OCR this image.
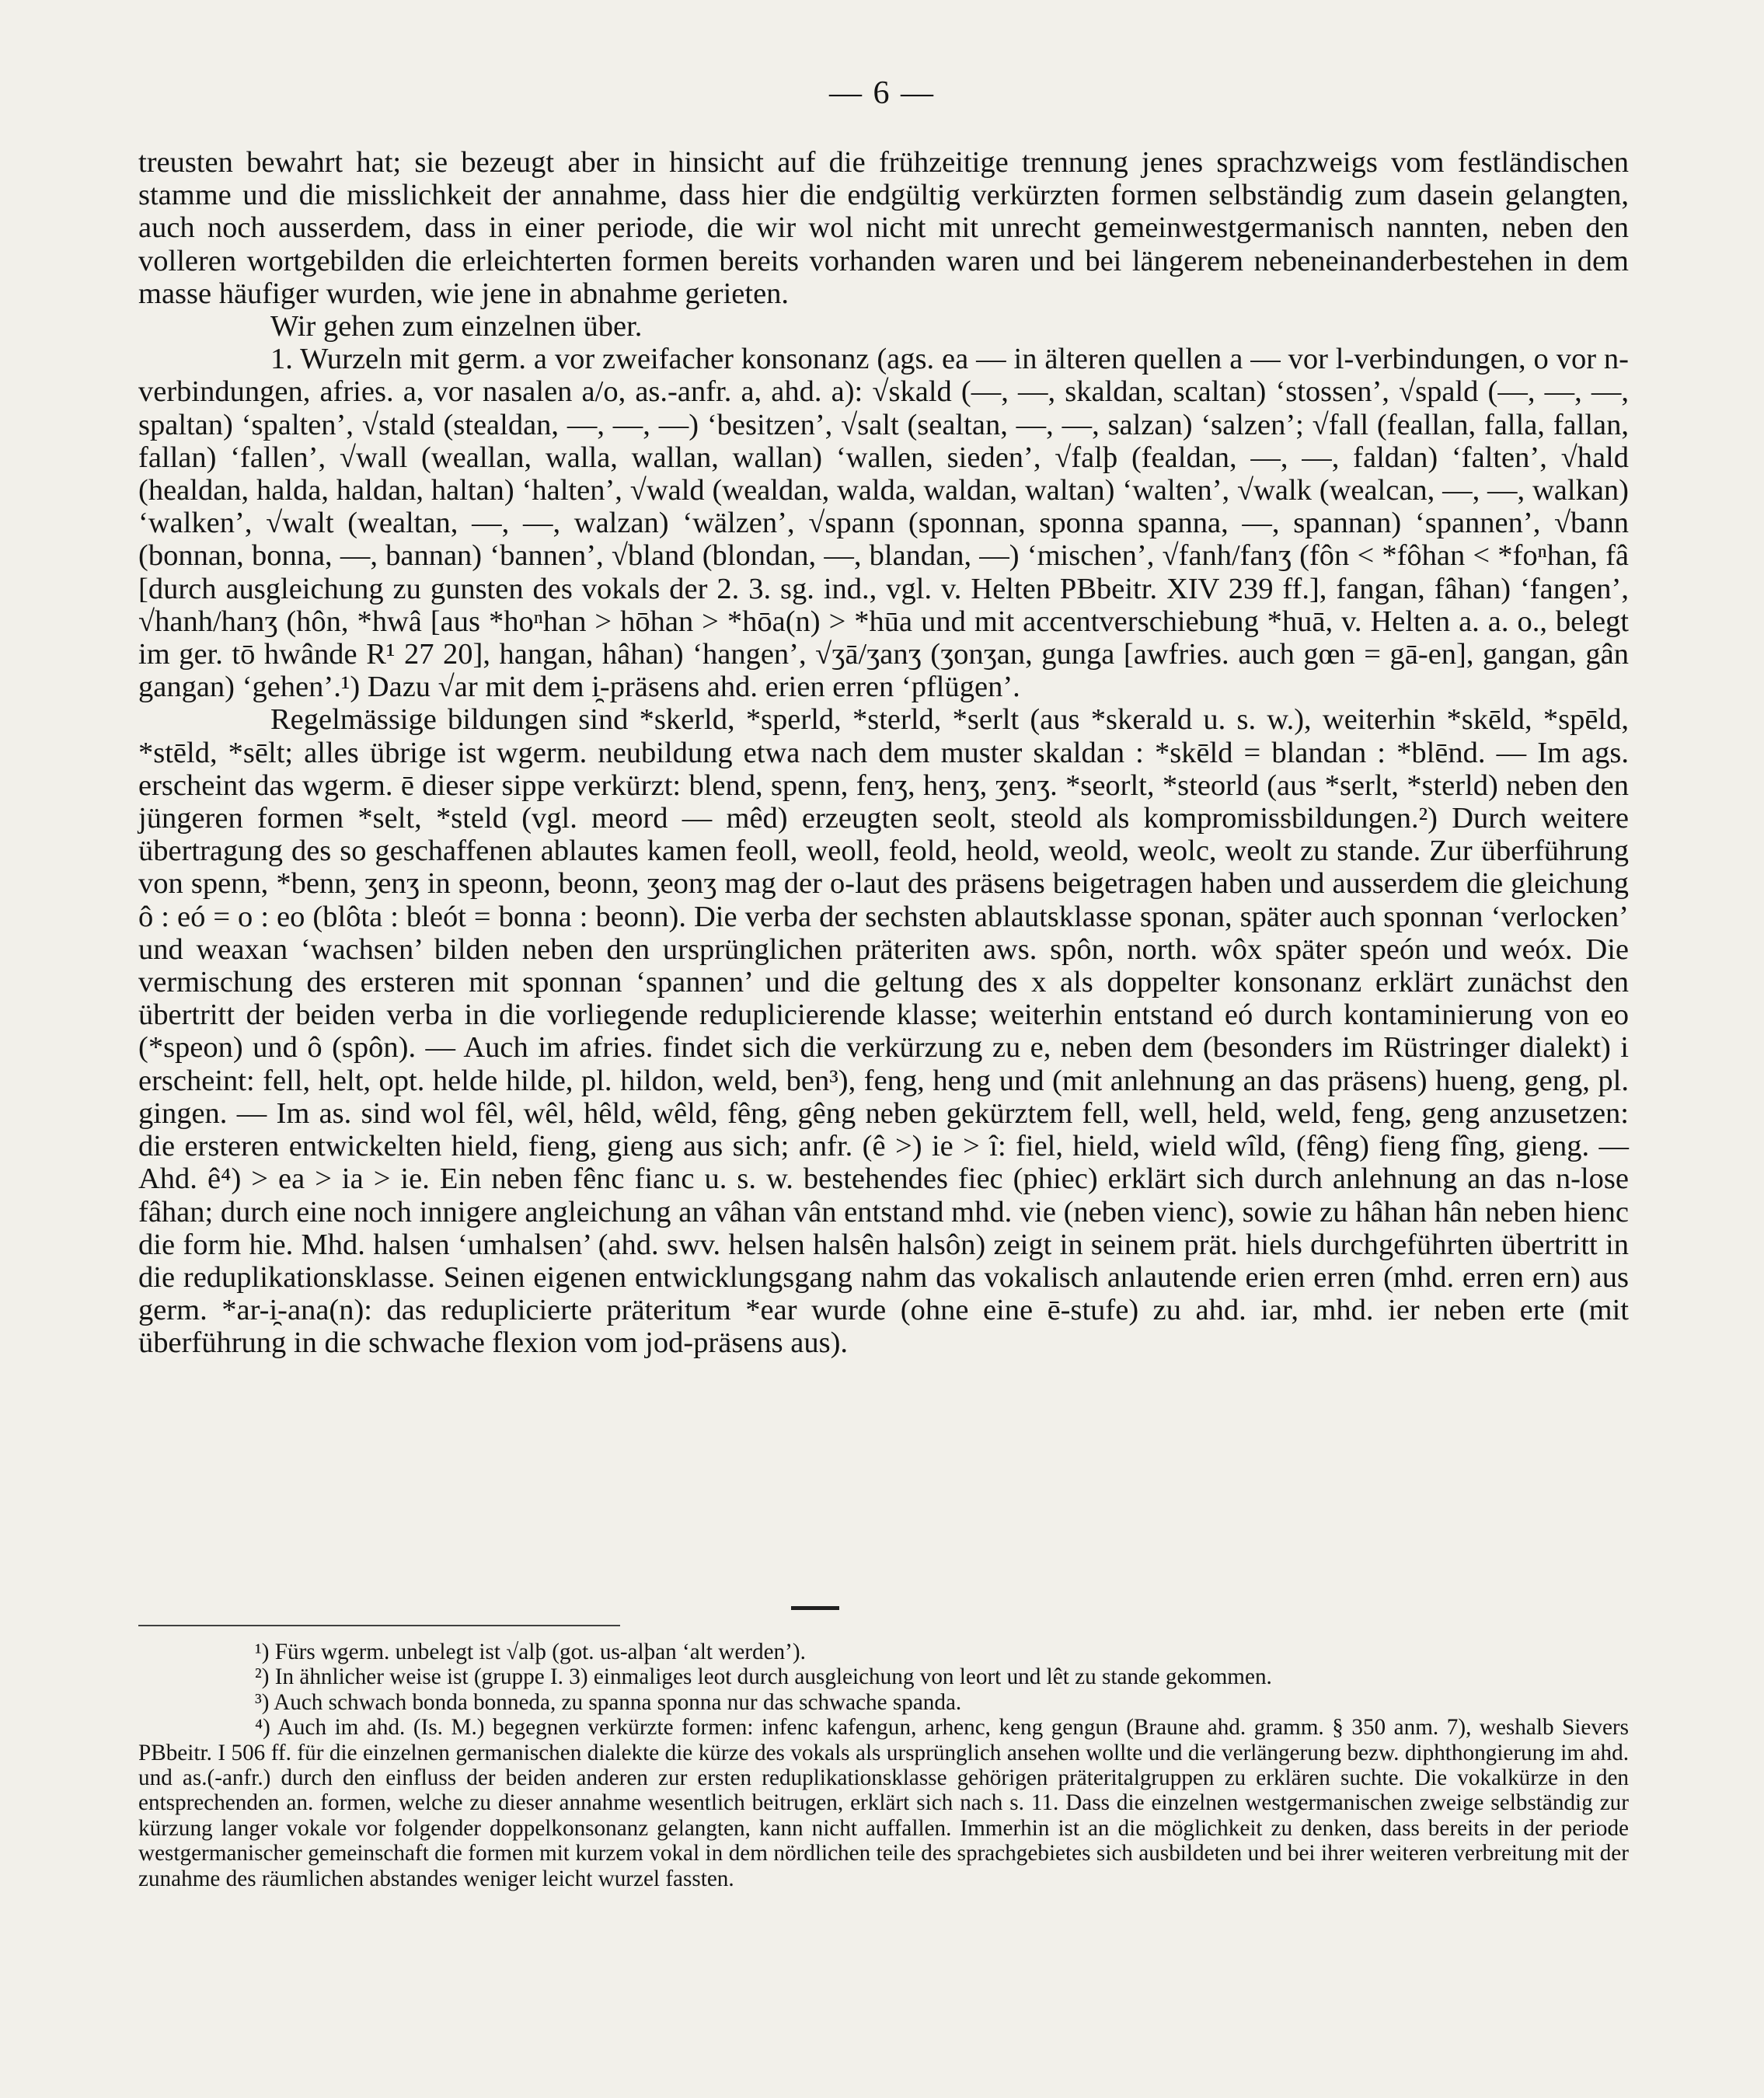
— 6 —

treusten bewahrt hat; sie bezeugt aber in hinsicht auf die frühzeitige trennung jenes sprachzweigs vom festländischen stamme und die misslichkeit der annahme, dass hier die endgültig verkürzten formen selbständig zum dasein gelangten, auch noch ausserdem, dass in einer periode, die wir wol nicht mit unrecht gemeinwestgermanisch nannten, neben den volleren wortgebilden die erleichterten formen bereits vorhanden waren und bei längerem nebeneinanderbestehen in dem masse häufiger wurden, wie jene in abnahme gerieten.

Wir gehen zum einzelnen über.

1. Wurzeln mit germ. a vor zweifacher konsonanz (ags. ea — in älteren quellen a — vor l-verbindungen, o vor n-verbindungen, afries. a, vor nasalen a/o, as.-anfr. a, ahd. a): √skald (—, —, skaldan, scaltan) ‘stossen’, √spald (—, —, —, spaltan) ‘spalten’, √stald (stealdan, —, —, —) ‘besitzen’, √salt (sealtan, —, —, salzan) ‘salzen’; √fall (feallan, falla, fallan, fallan) ‘fallen’, √wall (weallan, walla, wallan, wallan) ‘wallen, sieden’, √falþ (fealdan, —, —, faldan) ‘falten’, √hald (healdan, halda, haldan, haltan) ‘halten’, √wald (wealdan, walda, waldan, waltan) ‘walten’, √walk (wealcan, —, —, walkan) ‘walken’, √walt (wealtan, —, —, walzan) ‘wälzen’, √spann (sponnan, sponna spanna, —, spannan) ‘spannen’, √bann (bonnan, bonna, —, bannan) ‘bannen’, √bland (blondan, —, blandan, —) ‘mischen’, √fanh/fanʒ (fôn < *fôhan < *foⁿhan, fâ [durch ausgleichung zu gunsten des vokals der 2. 3. sg. ind., vgl. v. Helten PBbeitr. XIV 239 ff.], fangan, fâhan) ‘fangen’, √hanh/hanʒ (hôn, *hwâ [aus *hoⁿhan > hōhan > *hōa(n) > *hūa und mit accentverschiebung *huā, v. Helten a. a. o., belegt im ger. tō hwânde R¹ 27 20], hangan, hâhan) ‘hangen’, √ʒā/ʒanʒ (ʒonʒan, gunga [awfries. auch gœn = gā-en], gangan, gân gangan) ‘gehen’.¹) Dazu √ar mit dem i̯-präsens ahd. erien erren ‘pflügen’.

Regelmässige bildungen sind *skerld, *sperld, *sterld, *serlt (aus *skerald u. s. w.), weiterhin *skēld, *spēld, *stēld, *sēlt; alles übrige ist wgerm. neubildung etwa nach dem muster skaldan : *skēld = blandan : *blēnd. — Im ags. erscheint das wgerm. ē dieser sippe verkürzt: blend, spenn, fenʒ, henʒ, ʒenʒ. *seorlt, *steorld (aus *serlt, *sterld) neben den jüngeren formen *selt, *steld (vgl. meord — mêd) erzeugten seolt, steold als kompromissbildungen.²) Durch weitere übertragung des so geschaffenen ablautes kamen feoll, weoll, feold, heold, weold, weolc, weolt zu stande. Zur überführung von spenn, *benn, ʒenʒ in speonn, beonn, ʒeonʒ mag der o-laut des präsens beigetragen haben und ausserdem die gleichung ô : eó = o : eo (blôta : bleót = bonna : beonn). Die verba der sechsten ablautsklasse sponan, später auch sponnan ‘verlocken’ und weaxan ‘wachsen’ bilden neben den ursprünglichen präteriten aws. spôn, north. wôx später speón und weóx. Die vermischung des ersteren mit sponnan ‘spannen’ und die geltung des x als doppelter konsonanz erklärt zunächst den übertritt der beiden verba in die vorliegende reduplicierende klasse; weiterhin entstand eó durch kontaminierung von eo (*speon) und ô (spôn). — Auch im afries. findet sich die verkürzung zu e, neben dem (besonders im Rüstringer dialekt) i erscheint: fell, helt, opt. helde hilde, pl. hildon, weld, ben³), feng, heng und (mit anlehnung an das präsens) hueng, geng, pl. gingen. — Im as. sind wol fêl, wêl, hêld, wêld, fêng, gêng neben gekürztem fell, well, held, weld, feng, geng anzusetzen: die ersteren entwickelten hield, fieng, gieng aus sich; anfr. (ê >) ie > î: fiel, hield, wield wîld, (fêng) fieng fîng, gieng. — Ahd. ê⁴) > ea > ia > ie. Ein neben fênc fianc u. s. w. bestehendes fiec (phiec) erklärt sich durch anlehnung an das n-lose fâhan; durch eine noch innigere angleichung an vâhan vân entstand mhd. vie (neben vienc), sowie zu hâhan hân neben hienc die form hie. Mhd. halsen ‘umhalsen’ (ahd. swv. helsen halsên halsôn) zeigt in seinem prät. hiels durchgeführten übertritt in die reduplikationsklasse. Seinen eigenen entwicklungsgang nahm das vokalisch anlautende erien erren (mhd. erren ern) aus germ. *ar-i̯-ana(n): das reduplicierte präteritum *ear wurde (ohne eine ē-stufe) zu ahd. iar, mhd. ier neben erte (mit überführung in die schwache flexion vom jod-präsens aus).

¹) Fürs wgerm. unbelegt ist √alþ (got. us-alþan ‘alt werden’).

²) In ähnlicher weise ist (gruppe I. 3) einmaliges leot durch ausgleichung von leort und lêt zu stande gekommen.

³) Auch schwach bonda bonneda, zu spanna sponna nur das schwache spanda.

⁴) Auch im ahd. (Is. M.) begegnen verkürzte formen: infenc kafengun, arhenc, keng gengun (Braune ahd. gramm. § 350 anm. 7), weshalb Sievers PBbeitr. I 506 ff. für die einzelnen germanischen dialekte die kürze des vokals als ursprünglich ansehen wollte und die verlängerung bezw. diphthongierung im ahd. und as.(-anfr.) durch den einfluss der beiden anderen zur ersten reduplikationsklasse gehörigen präteritalgruppen zu erklären suchte. Die vokalkürze in den entsprechenden an. formen, welche zu dieser annahme wesentlich beitrugen, erklärt sich nach s. 11. Dass die einzelnen westgermanischen zweige selbständig zur kürzung langer vokale vor folgender doppelkonsonanz gelangten, kann nicht auffallen. Immerhin ist an die möglichkeit zu denken, dass bereits in der periode westgermanischer gemeinschaft die formen mit kurzem vokal in dem nördlichen teile des sprachgebietes sich ausbildeten und bei ihrer weiteren verbreitung mit der zunahme des räumlichen abstandes weniger leicht wurzel fassten.
